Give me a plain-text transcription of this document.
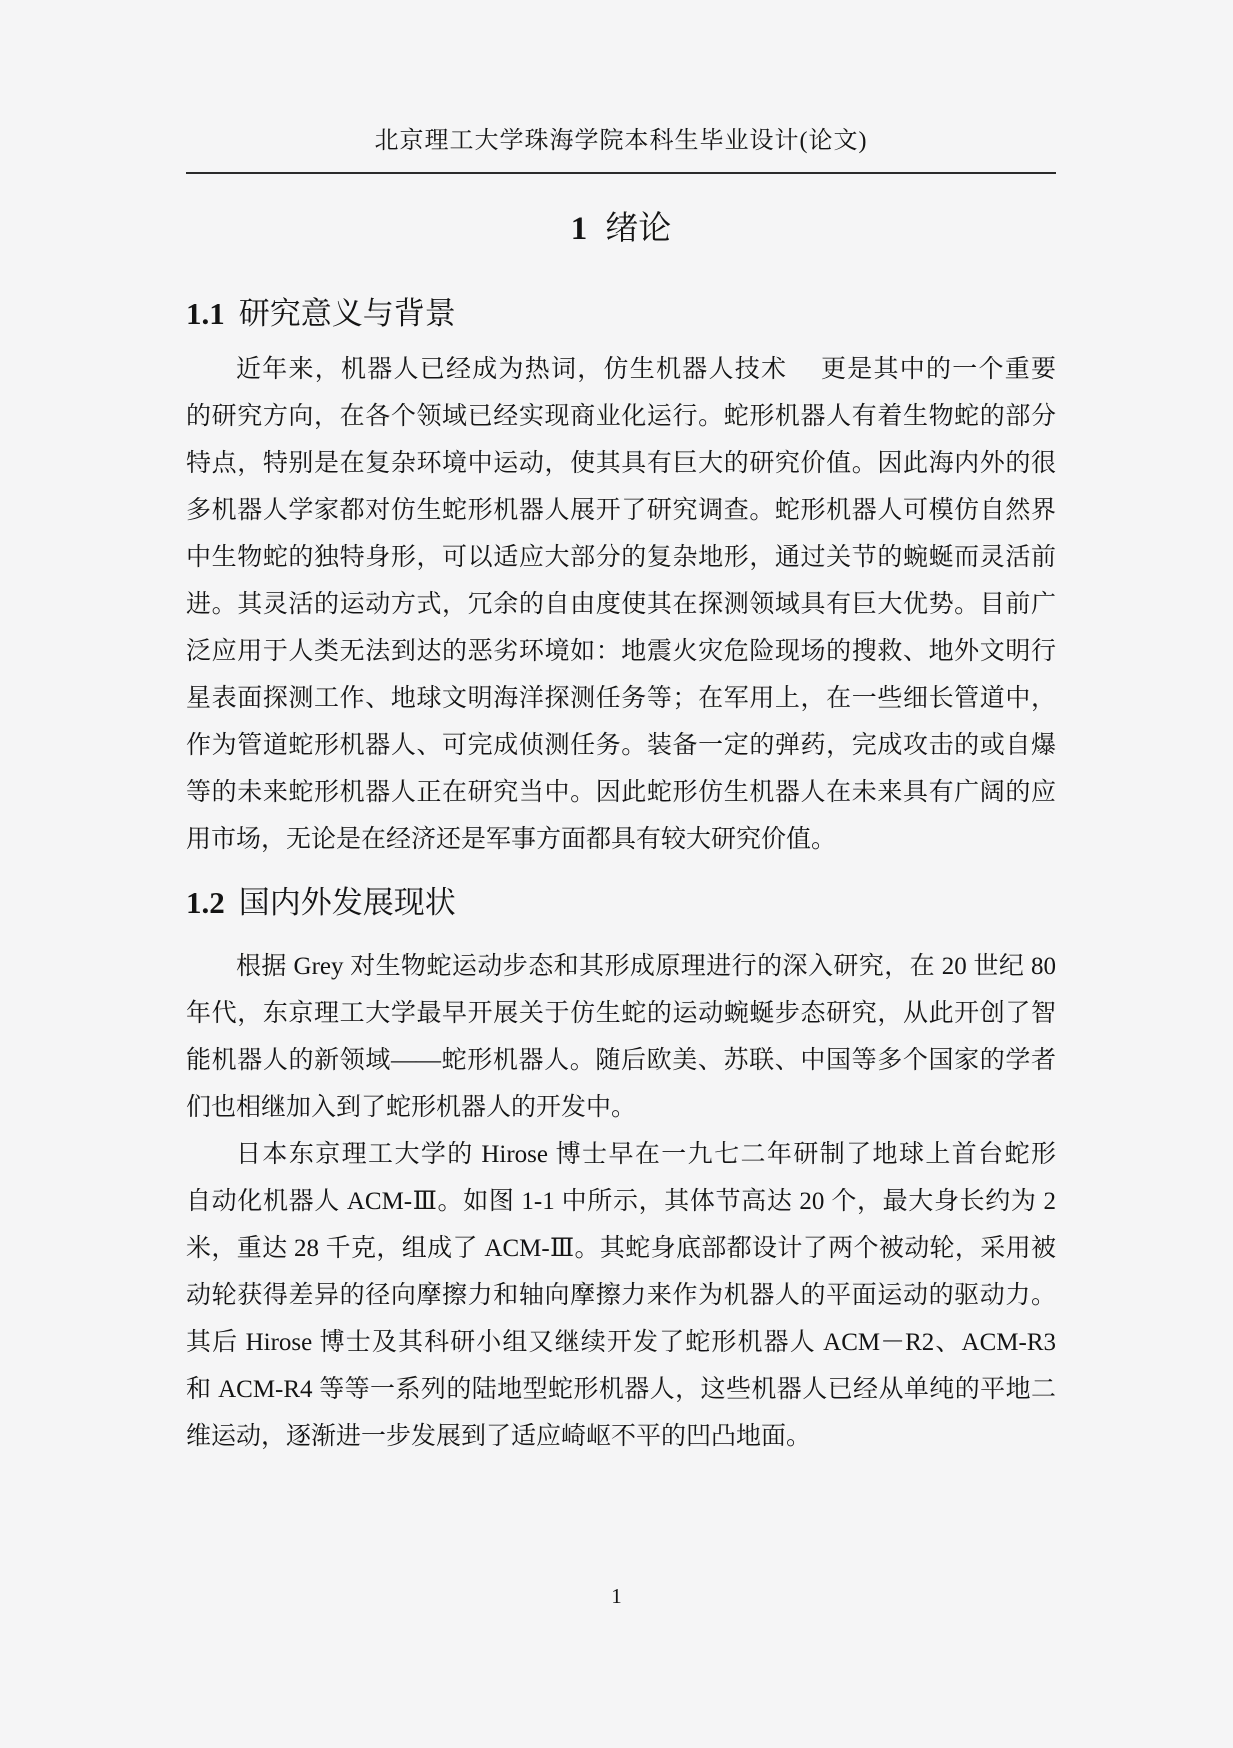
北京理工大学珠海学院本科生毕业设计(论文)
1 绪论
1.1 研究意义与背景
近年来，机器人已经成为热词，仿生机器人技术　 更是其中的一个重要
的研究方向，在各个领域已经实现商业化运行。蛇形机器人有着生物蛇的部分
特点，特别是在复杂环境中运动，使其具有巨大的研究价值。因此海内外的很
多机器人学家都对仿生蛇形机器人展开了研究调查。蛇形机器人可模仿自然界
中生物蛇的独特身形，可以适应大部分的复杂地形，通过关节的蜿蜒而灵活前
进。其灵活的运动方式，冗余的自由度使其在探测领域具有巨大优势。目前广
泛应用于人类无法到达的恶劣环境如：地震火灾危险现场的搜救、地外文明行
星表面探测工作、地球文明海洋探测任务等；在军用上，在一些细长管道中，
作为管道蛇形机器人、可完成侦测任务。装备一定的弹药，完成攻击的或自爆
等的未来蛇形机器人正在研究当中。因此蛇形仿生机器人在未来具有广阔的应
用市场，无论是在经济还是军事方面都具有较大研究价值。
1.2 国内外发展现状
根据 Grey 对生物蛇运动步态和其形成原理进行的深入研究，在 20 世纪 80
年代，东京理工大学最早开展关于仿生蛇的运动蜿蜒步态研究，从此开创了智
能机器人的新领域——蛇形机器人。随后欧美、苏联、中国等多个国家的学者
们也相继加入到了蛇形机器人的开发中。
日本东京理工大学的 Hirose 博士早在一九七二年研制了地球上首台蛇形
自动化机器人 ACM-Ⅲ。如图 1-1 中所示，其体节高达 20 个，最大身长约为 2
米，重达 28 千克，组成了 ACM-Ⅲ。其蛇身底部都设计了两个被动轮，采用被
动轮获得差异的径向摩擦力和轴向摩擦力来作为机器人的平面运动的驱动力。
其后 Hirose 博士及其科研小组又继续开发了蛇形机器人 ACM－R2、ACM-R3
和 ACM-R4 等等一系列的陆地型蛇形机器人，这些机器人已经从单纯的平地二
维运动，逐渐进一步发展到了适应崎岖不平的凹凸地面。
1
